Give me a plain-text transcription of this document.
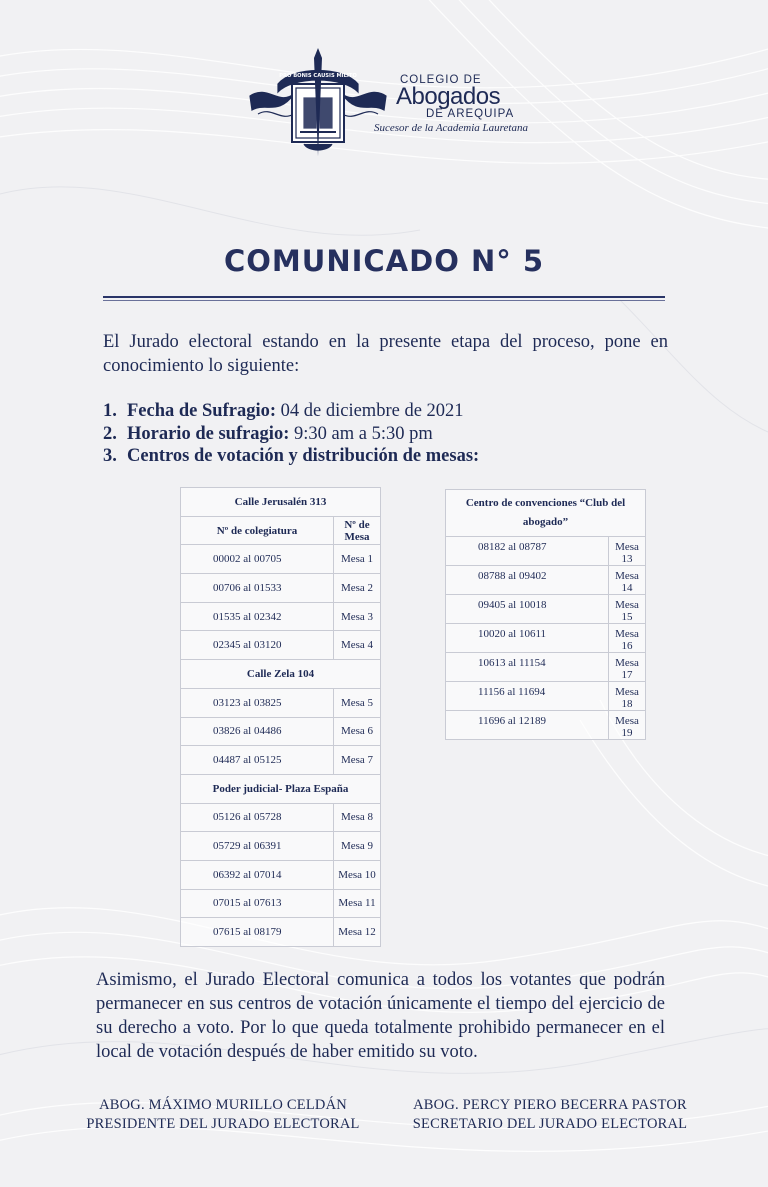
PRO BONIS CAUSIS MILITO	COLEGIO DE
Abogados
DE AREQUIPA
Sucesor de la Academia Lauretana
COMUNICADO N° 5
El Jurado electoral estando en la presente etapa del proceso, pone en conocimiento lo siguiente:
1. Fecha de Sufragio: 04 de diciembre de 2021
2. Horario de sufragio: 9:30 am a 5:30 pm
3. Centros de votación y distribución de mesas:
Calle Jerusalén 313	
Nº de colegiatura	Nº de Mesa
00002 al 00705	Mesa 1
00706 al 01533	Mesa 2
01535 al 02342	Mesa 3
02345 al 03120	Mesa 4
Calle Zela 104	
03123 al 03825	Mesa 5
03826 al 04486	Mesa 6
04487 al 05125	Mesa 7
Poder judicial- Plaza España	
05126 al 05728	Mesa 8
05729 al 06391	Mesa 9
06392 al 07014	Mesa 10
07015 al 07613	Mesa 11
07615 al 08179	Mesa 12
Centro de convenciones “Club del abogado”	
08182 al 08787	Mesa 13
08788 al 09402	Mesa 14
09405 al 10018	Mesa 15
10020 al 10611	Mesa 16
10613 al 11154	Mesa 17
11156 al 11694	Mesa 18
11696 al 12189	Mesa 19
Asimismo, el Jurado Electoral comunica a todos los votantes que podrán permanecer en sus centros de votación únicamente el tiempo del ejercicio de su derecho a voto. Por lo que queda totalmente prohibido permanecer en el local de votación después de haber emitido su voto.
ABOG. MÁXIMO MURILLO CELDÁN
PRESIDENTE DEL JURADO ELECTORAL
ABOG. PERCY PIERO BECERRA PASTOR
SECRETARIO DEL JURADO ELECTORAL
